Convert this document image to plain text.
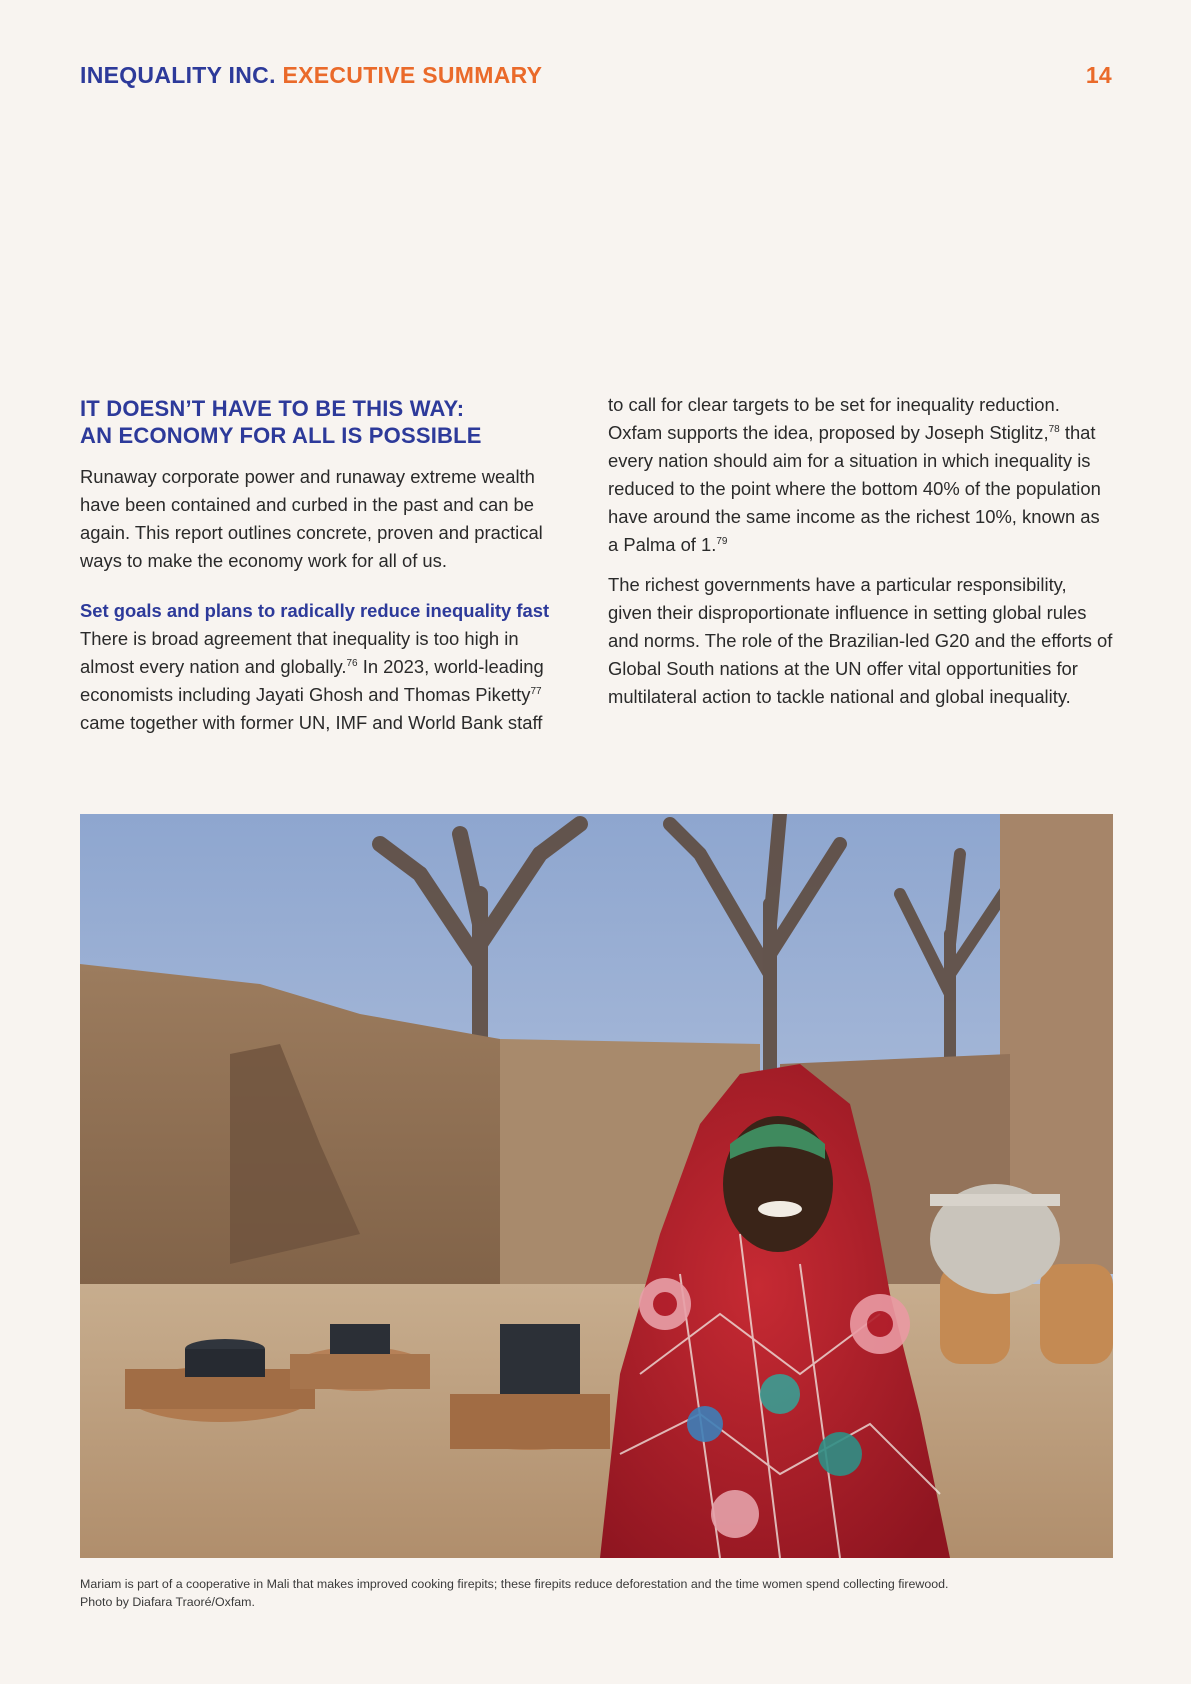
INEQUALITY INC. EXECUTIVE SUMMARY	14
IT DOESN’T HAVE TO BE THIS WAY:
AN ECONOMY FOR ALL IS POSSIBLE

Runaway corporate power and runaway extreme wealth have been contained and curbed in the past and can be again. This report outlines concrete, proven and practical ways to make the economy work for all of us.

Set goals and plans to radically reduce inequality fast

There is broad agreement that inequality is too high in almost every nation and globally.$^{76}$ In 2023, world-leading economists including Jayati Ghosh and Thomas Piketty$^{77}$ came together with former UN, IMF and World Bank staff

to call for clear targets to be set for inequality reduction. Oxfam supports the idea, proposed by Joseph Stiglitz,$^{78}$ that every nation should aim for a situation in which inequality is reduced to the point where the bottom 40% of the population have around the same income as the richest 10%, known as a Palma of 1.79

The richest governments have a particular responsibility, given their disproportionate influence in setting global rules and norms. The role of the Brazilian-led G20 and the efforts of Global South nations at the UN offer vital opportunities for multilateral action to tackle national and global inequality.

Mariam is part of a cooperative in Mali that makes improved cooking firepits; these firepits reduce deforestation and the time women spend collecting firewood.
Photo by Diafara Traoré/Oxfam.
